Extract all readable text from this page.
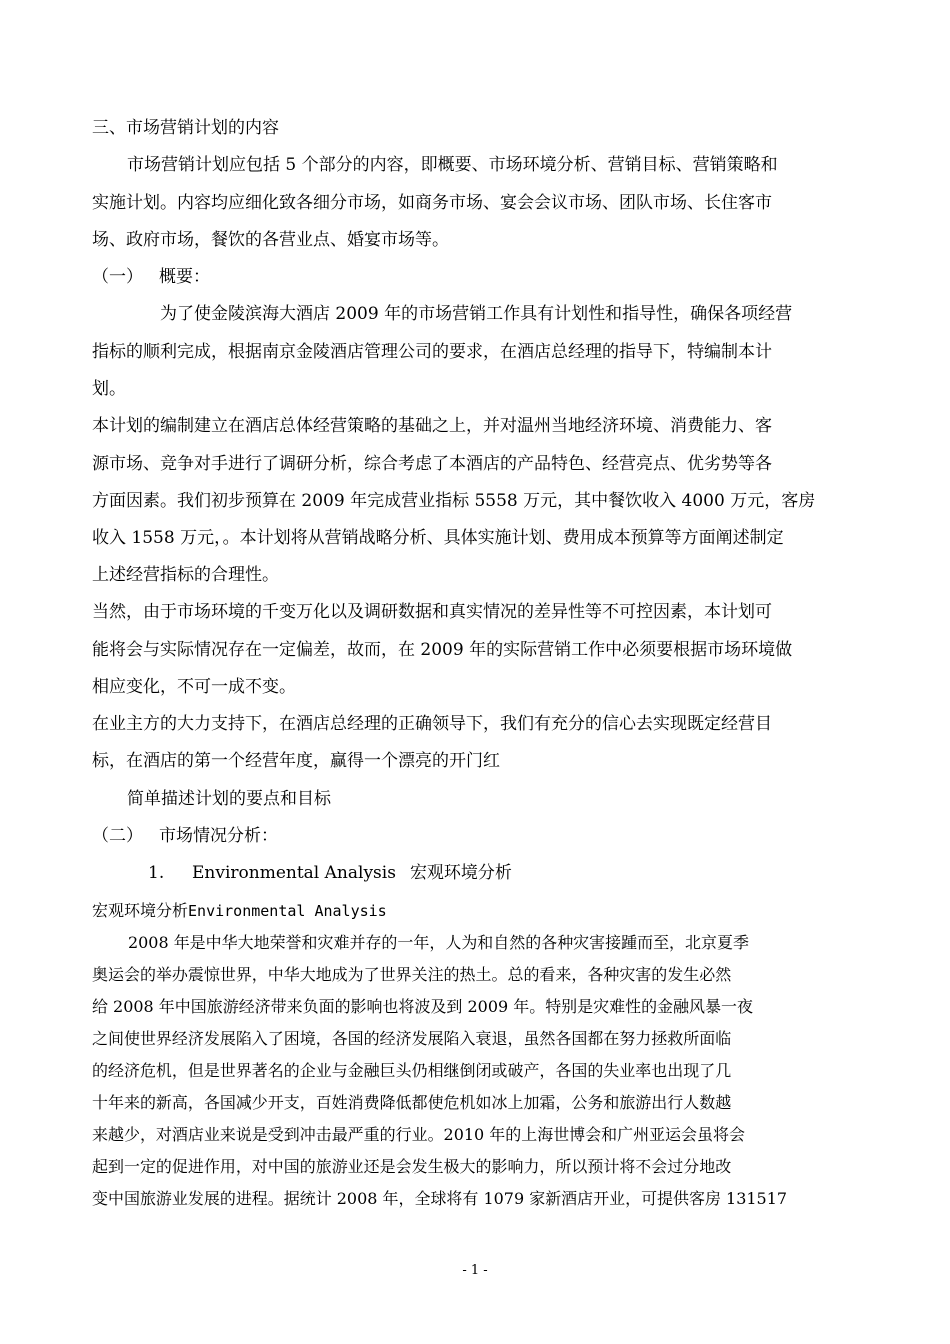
三、市场营销计划的内容

市场营销计划应包括 5 个部分的内容，即概要、市场环境分析、营销目标、营销策略和

实施计划。内容均应细化致各细分市场，如商务市场、宴会会议市场、团队市场、长住客市

场、政府市场，餐饮的各营业点、婚宴市场等。

（一） 概要：

为了使金陵滨海大酒店 2009 年的市场营销工作具有计划性和指导性，确保各项经营

指标的顺利完成，根据南京金陵酒店管理公司的要求，在酒店总经理的指导下，特编制本计

划。

本计划的编制建立在酒店总体经营策略的基础之上，并对温州当地经济环境、消费能力、客

源市场、竞争对手进行了调研分析，综合考虑了本酒店的产品特色、经营亮点、优劣势等各

方面因素。我们初步预算在 2009 年完成营业指标 5558 万元，其中餐饮收入 4000 万元，客房

收入 1558 万元，。本计划将从营销战略分析、具体实施计划、费用成本预算等方面阐述制定

上述经营指标的合理性。

当然，由于市场环境的千变万化以及调研数据和真实情况的差异性等不可控因素，本计划可

能将会与实际情况存在一定偏差，故而，在 2009 年的实际营销工作中必须要根据市场环境做

相应变化，不可一成不变。

在业主方的大力支持下，在酒店总经理的正确领导下，我们有充分的信心去实现既定经营目

标，在酒店的第一个经营年度，赢得一个漂亮的开门红

简单描述计划的要点和目标

（二） 市场情况分析：

1. Environmental Analysis 宏观环境分析

宏观环境分析Environmental Analysis

2008 年是中华大地荣誉和灾难并存的一年，人为和自然的各种灾害接踵而至，北京夏季

奥运会的举办震惊世界，中华大地成为了世界关注的热土。总的看来，各种灾害的发生必然

给 2008 年中国旅游经济带来负面的影响也将波及到 2009 年。特别是灾难性的金融风暴一夜

之间使世界经济发展陷入了困境，各国的经济发展陷入衰退，虽然各国都在努力拯救所面临

的经济危机，但是世界著名的企业与金融巨头仍相继倒闭或破产，各国的失业率也出现了几

十年来的新高，各国减少开支，百姓消费降低都使危机如冰上加霜，公务和旅游出行人数越

来越少，对酒店业来说是受到冲击最严重的行业。2010 年的上海世博会和广州亚运会虽将会

起到一定的促进作用，对中国的旅游业还是会发生极大的影响力，所以预计将不会过分地改

变中国旅游业发展的进程。据统计 2008 年，全球将有 1079 家新酒店开业，可提供客房 131517

- 1 -
